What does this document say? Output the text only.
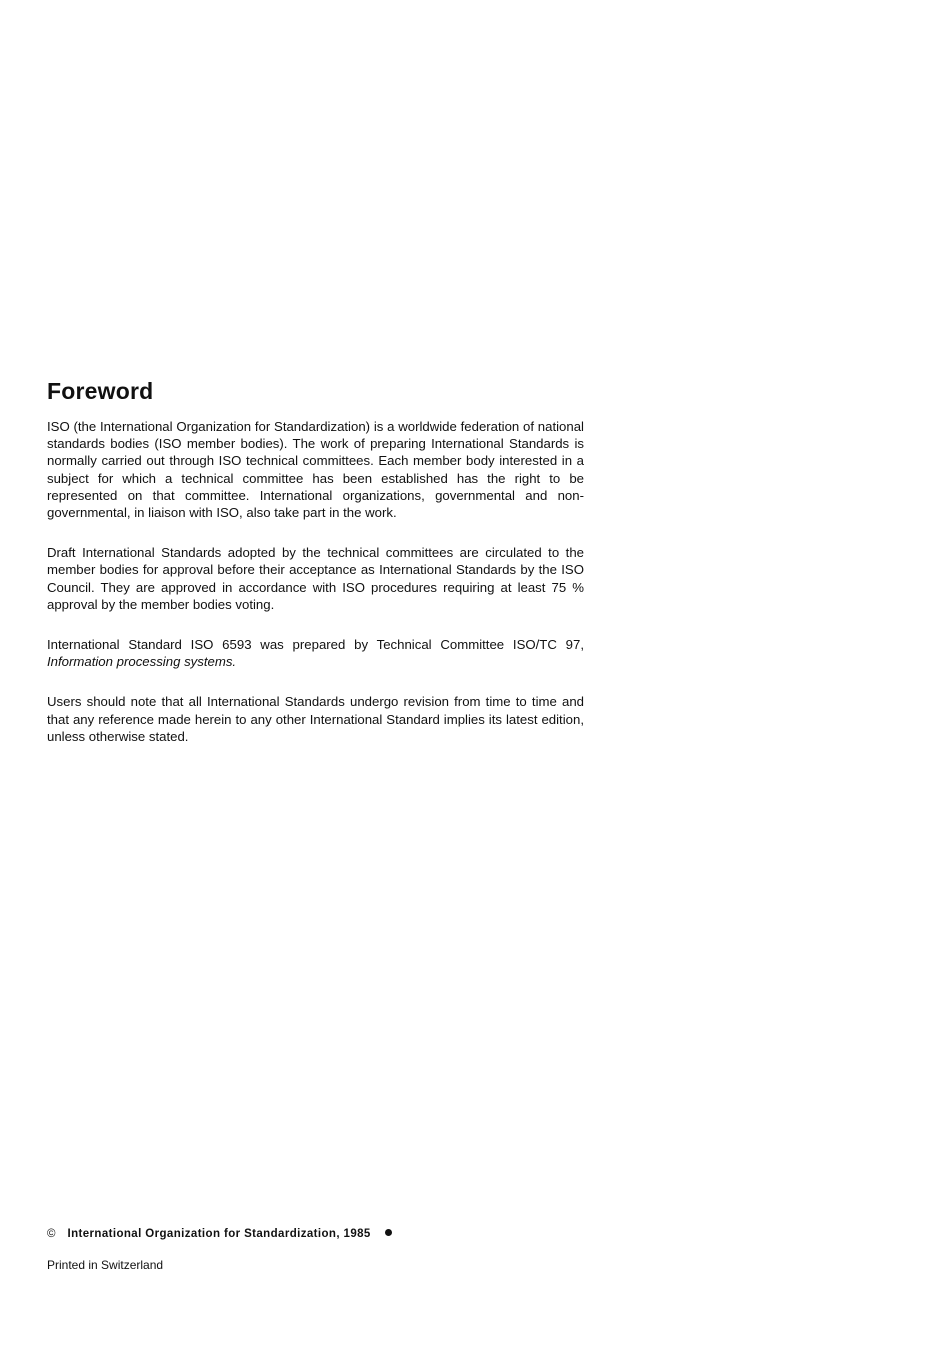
Foreword

ISO (the International Organization for Standardization) is a worldwide federation of national standards bodies (ISO member bodies). The work of preparing International Standards is normally carried out through ISO technical committees. Each member body interested in a subject for which a technical committee has been established has the right to be represented on that committee. International organizations, governmental and non-governmental, in liaison with ISO, also take part in the work.

Draft International Standards adopted by the technical committees are circulated to the member bodies for approval before their acceptance as International Standards by the ISO Council. They are approved in accordance with ISO procedures requiring at least 75 % approval by the member bodies voting.

International Standard ISO 6593 was prepared by Technical Committee ISO/TC 97, Information processing systems.

Users should note that all International Standards undergo revision from time to time and that any reference made herein to any other International Standard implies its latest edition, unless otherwise stated.

© International Organization for Standardization, 1985
Printed in Switzerland
